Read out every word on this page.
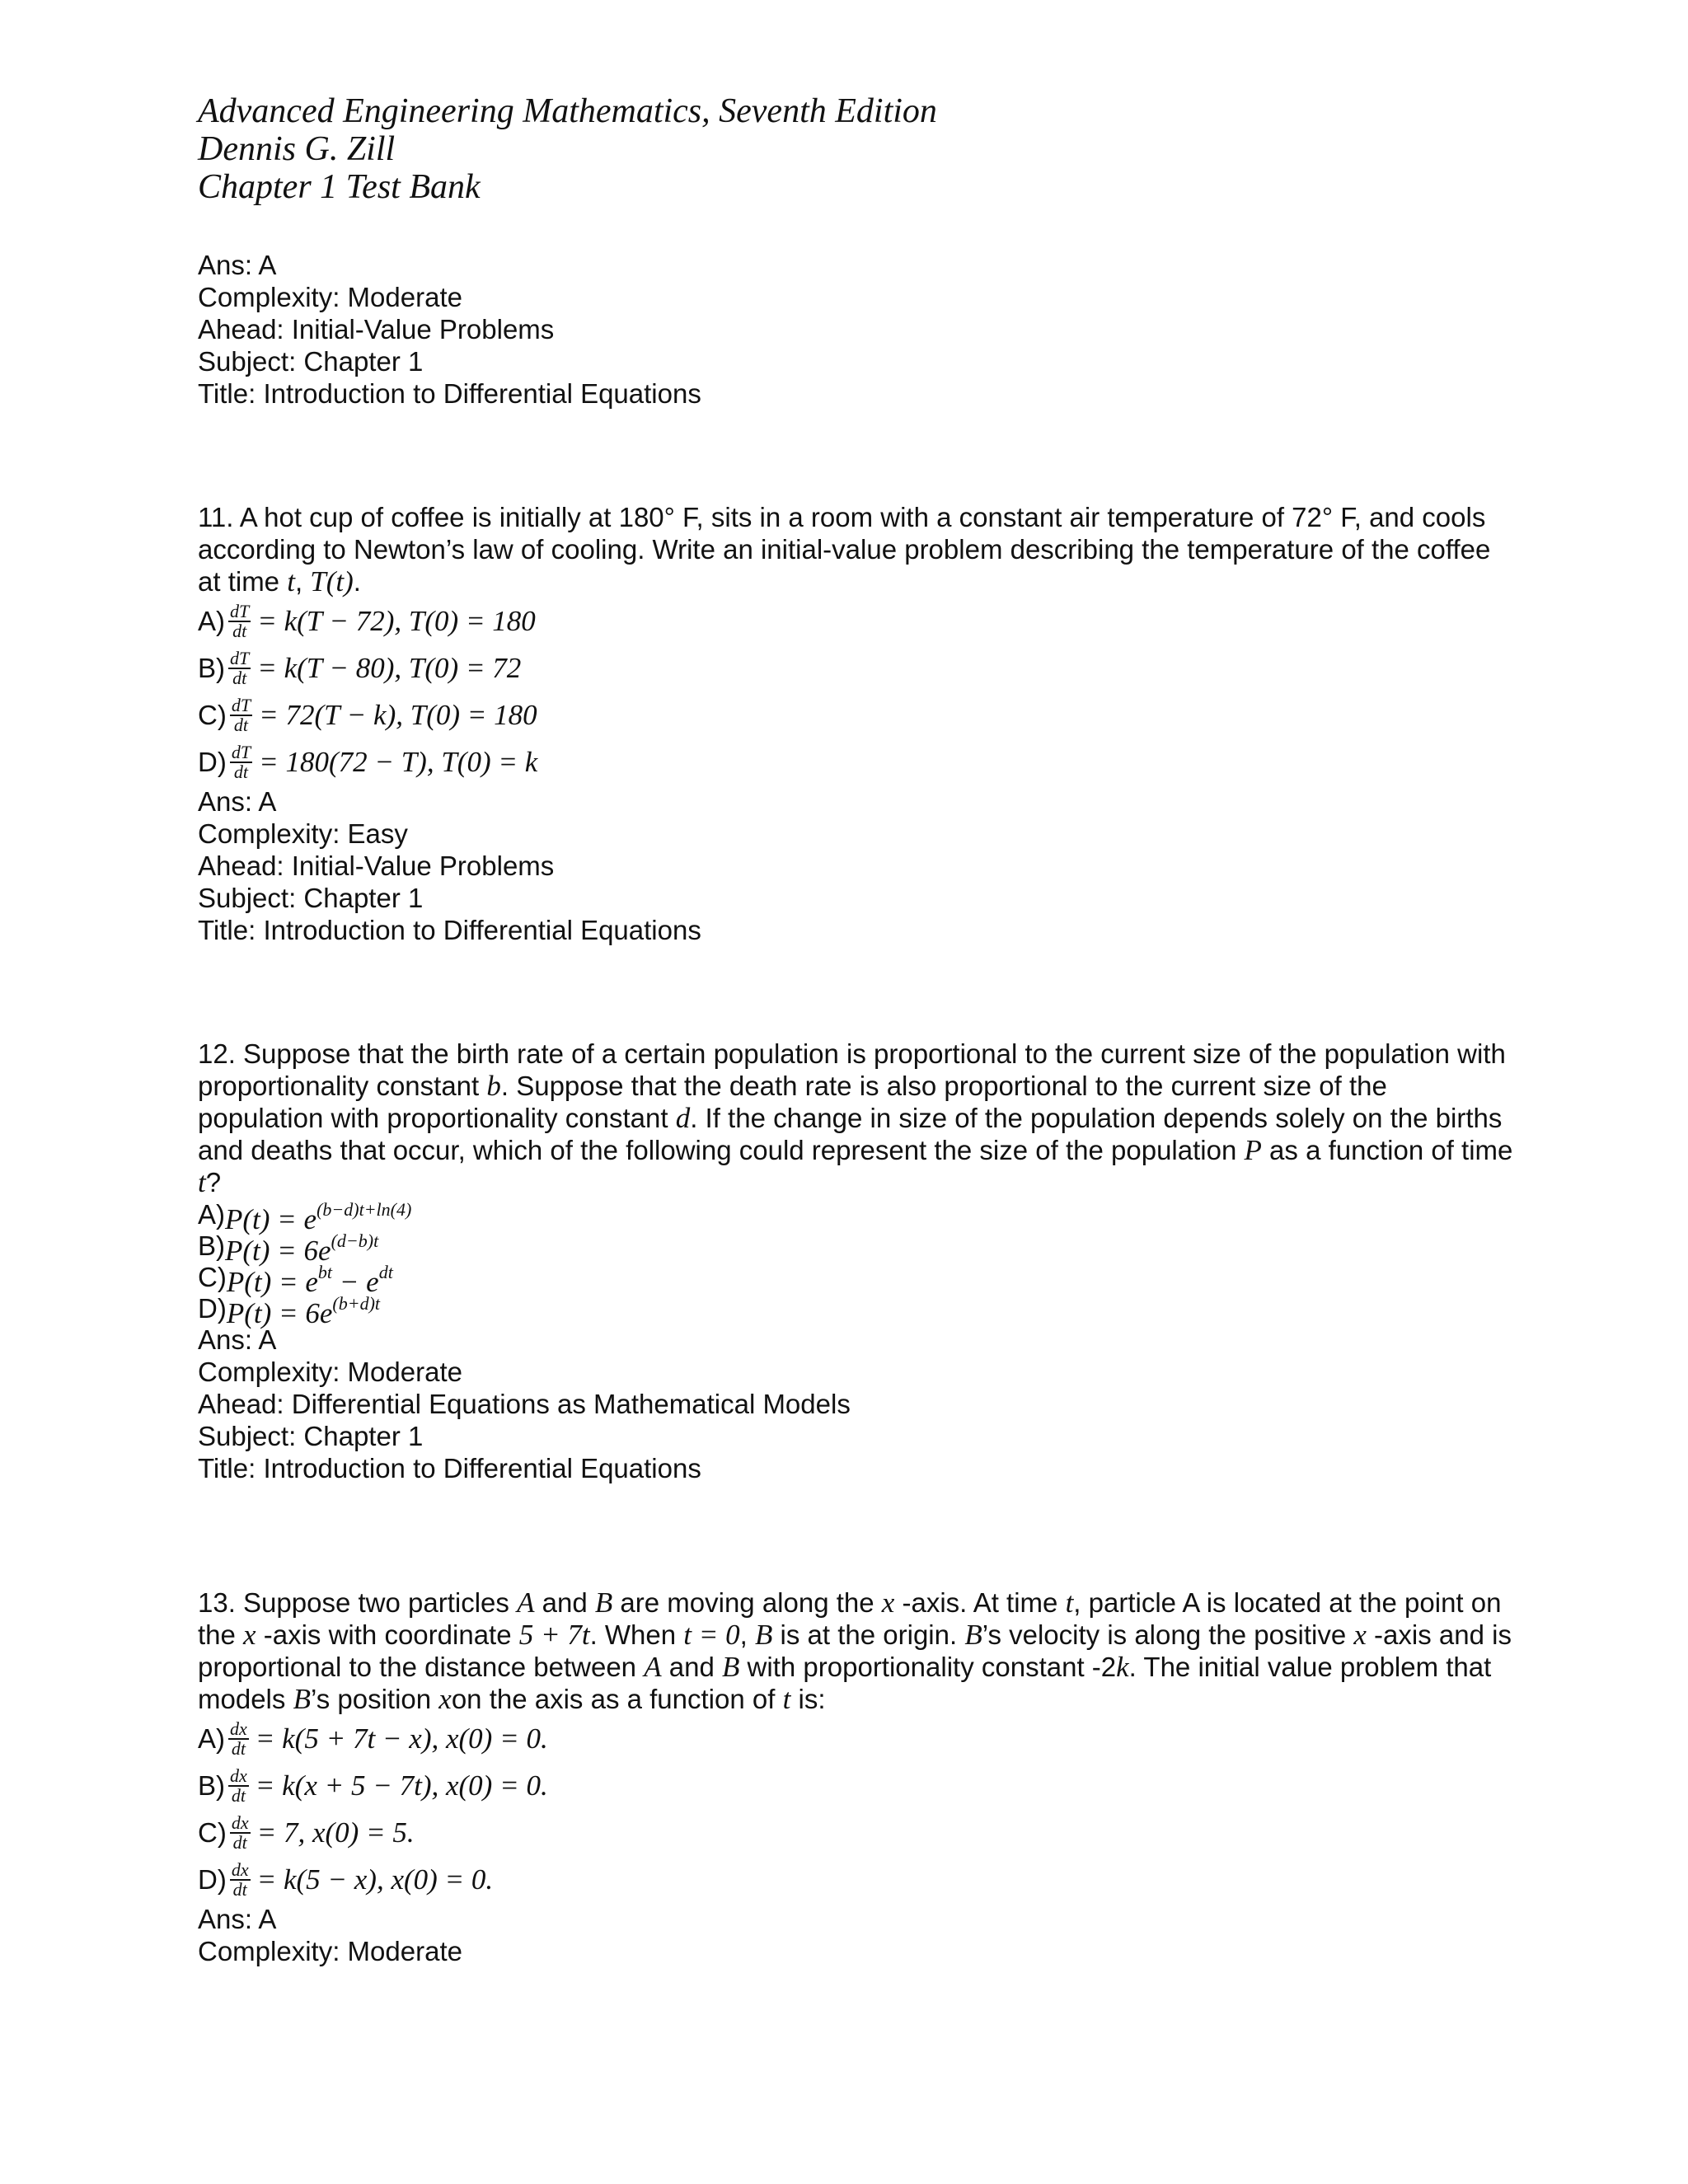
Advanced Engineering Mathematics, Seventh Edition
Dennis G. Zill
Chapter 1 Test Bank
Ans: A
Complexity: Moderate
Ahead: Initial-Value Problems
Subject: Chapter 1
Title: Introduction to Differential Equations
11. A hot cup of coffee is initially at 180° F, sits in a room with a constant air temperature of 72° F, and cools according to Newton’s law of cooling. Write an initial-value problem describing the temperature of the coffee at time t, T(t).
$A) \frac{dT}{dt} = k(T - 72)$, T(0) = 180
$B) \frac{dT}{dt} = k(T - 80)$, T(0) = 72
$C) \frac{dT}{dt} = 72(T - k)$, T(0) = 180
$D) \frac{dT}{dt} = 180(72 - T)$, T(0) = k
Ans: A
Complexity: Easy
Ahead: Initial-Value Problems
Subject: Chapter 1
Title: Introduction to Differential Equations
12. Suppose that the birth rate of a certain population is proportional to the current size of the population with proportionality constant b. Suppose that the death rate is also proportional to the current size of the population with proportionality constant d. If the change in size of the population depends solely on the births and deaths that occur, which of the following could represent the size of the population P as a function of time t?
A) $P(t) = e^{(b-d)t+ln(4)}$
B) $P(t) = 6e^{(d-b)t}$
C) $P(t) = e^{bt} - e^{dt}$
D) $P(t) = 6e^{(b+d)t}$
Ans: A
Complexity: Moderate
Ahead: Differential Equations as Mathematical Models
Subject: Chapter 1
Title: Introduction to Differential Equations
13. Suppose two particles A and B are moving along the x -axis. At time t, particle A is located at the point on the x -axis with coordinate 5 + 7t. When t = 0, B is at the origin. B’s velocity is along the positive x -axis and is proportional to the distance between A and B with proportionality constant -2k. The initial value problem that models B’s position xon the axis as a function of t is:
$A) \frac{dx}{dt} = k(5 + 7t - x)$, x(0) = 0.
$B) \frac{dx}{dt} = k(x + 5 - 7t)$, x(0) = 0.
$C) \frac{dx}{dt} = 7$, x(0) = 5.
$D) \frac{dx}{dt} = k(5 - x)$, x(0) = 0.
Ans: A
Complexity: Moderate
